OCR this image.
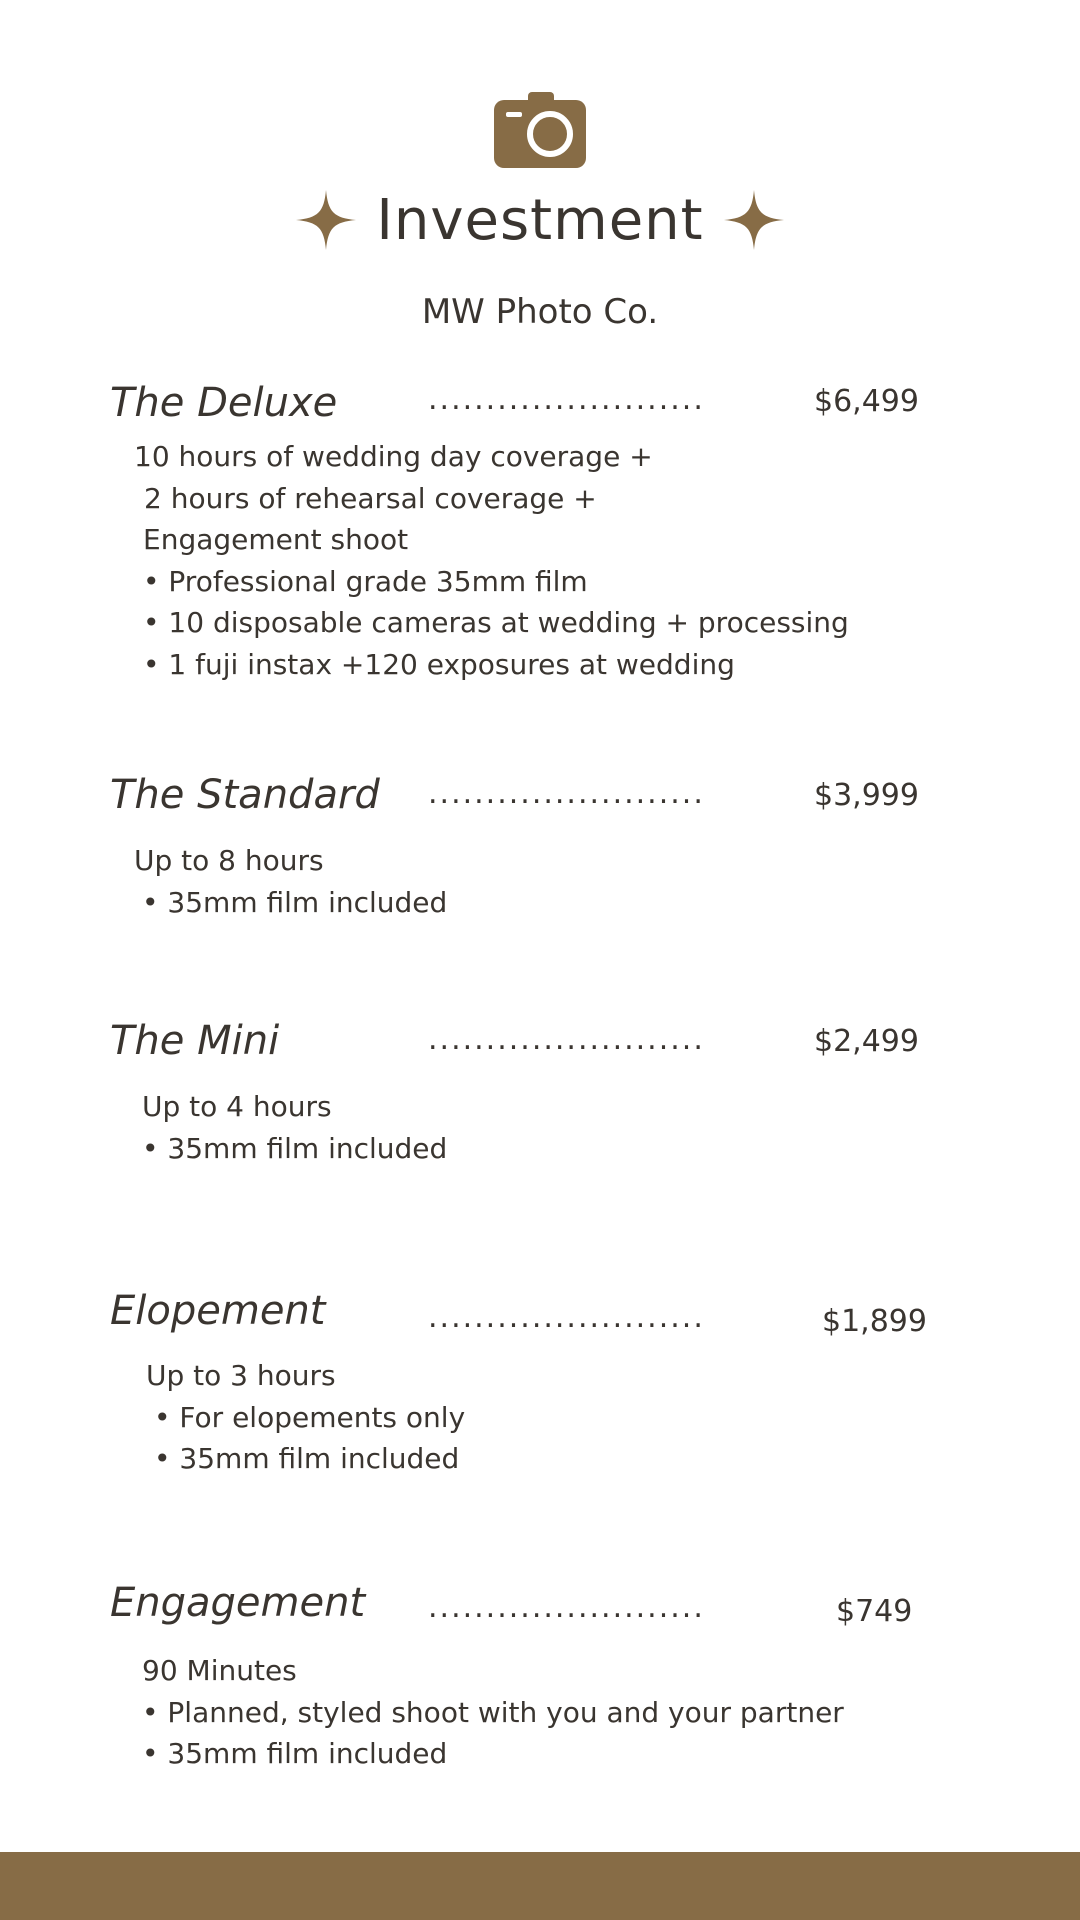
Investment
MW Photo Co.
The Deluxe	........................	$6,499
10 hours of wedding day coverage +
2 hours of rehearsal coverage +
Engagement shoot
• Professional grade 35mm film
• 10 disposable cameras at wedding + processing
• 1 fuji instax +120 exposures at wedding
The Standard ........................	$3,999
Up to 8 hours
• 35mm film included
The Mini	........................	$2,499
Up to 4 hours
• 35mm film included
Elopement	........................	$1,899
Up to 3 hours
• For elopements only
• 35mm film included
Engagement ........................	$749
90 Minutes
• Planned, styled shoot with you and your partner
• 35mm film included
